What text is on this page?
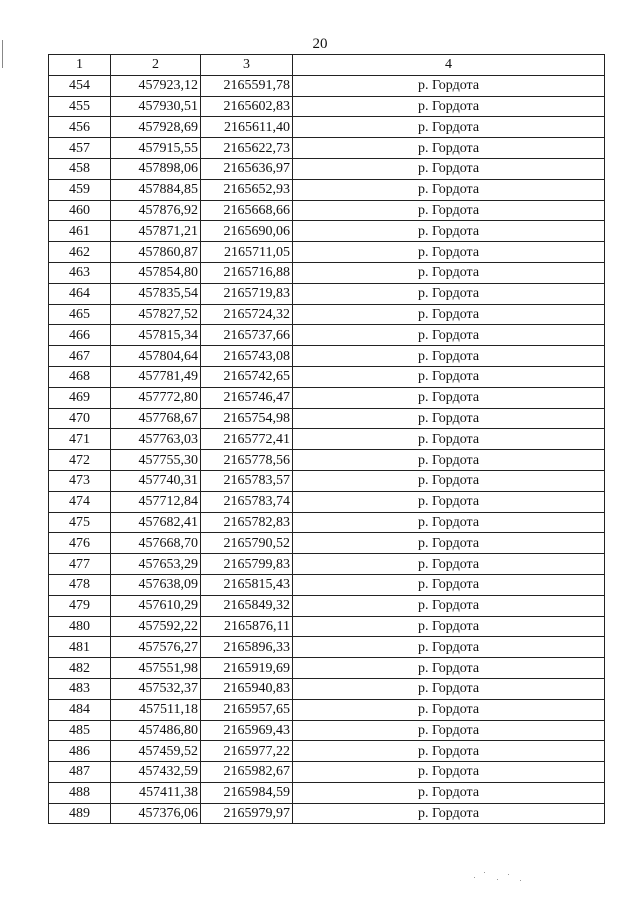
20
1	2	3	4
454	457923,12	2165591,78	р. Гордота
455	457930,51	2165602,83	р. Гордота
456	457928,69	2165611,40	р. Гордота
457	457915,55	2165622,73	р. Гордота
458	457898,06	2165636,97	р. Гордота
459	457884,85	2165652,93	р. Гордота
460	457876,92	2165668,66	р. Гордота
461	457871,21	2165690,06	р. Гордота
462	457860,87	2165711,05	р. Гордота
463	457854,80	2165716,88	р. Гордота
464	457835,54	2165719,83	р. Гордота
465	457827,52	2165724,32	р. Гордота
466	457815,34	2165737,66	р. Гордота
467	457804,64	2165743,08	р. Гордота
468	457781,49	2165742,65	р. Гордота
469	457772,80	2165746,47	р. Гордота
470	457768,67	2165754,98	р. Гордота
471	457763,03	2165772,41	р. Гордота
472	457755,30	2165778,56	р. Гордота
473	457740,31	2165783,57	р. Гордота
474	457712,84	2165783,74	р. Гордота
475	457682,41	2165782,83	р. Гордота
476	457668,70	2165790,52	р. Гордота
477	457653,29	2165799,83	р. Гордота
478	457638,09	2165815,43	р. Гордота
479	457610,29	2165849,32	р. Гордота
480	457592,22	2165876,11	р. Гордота
481	457576,27	2165896,33	р. Гордота
482	457551,98	2165919,69	р. Гордота
483	457532,37	2165940,83	р. Гордота
484	457511,18	2165957,65	р. Гордота
485	457486,80	2165969,43	р. Гордота
486	457459,52	2165977,22	р. Гордота
487	457432,59	2165982,67	р. Гордота
488	457411,38	2165984,59	р. Гордота
489	457376,06	2165979,97	р. Гордота
